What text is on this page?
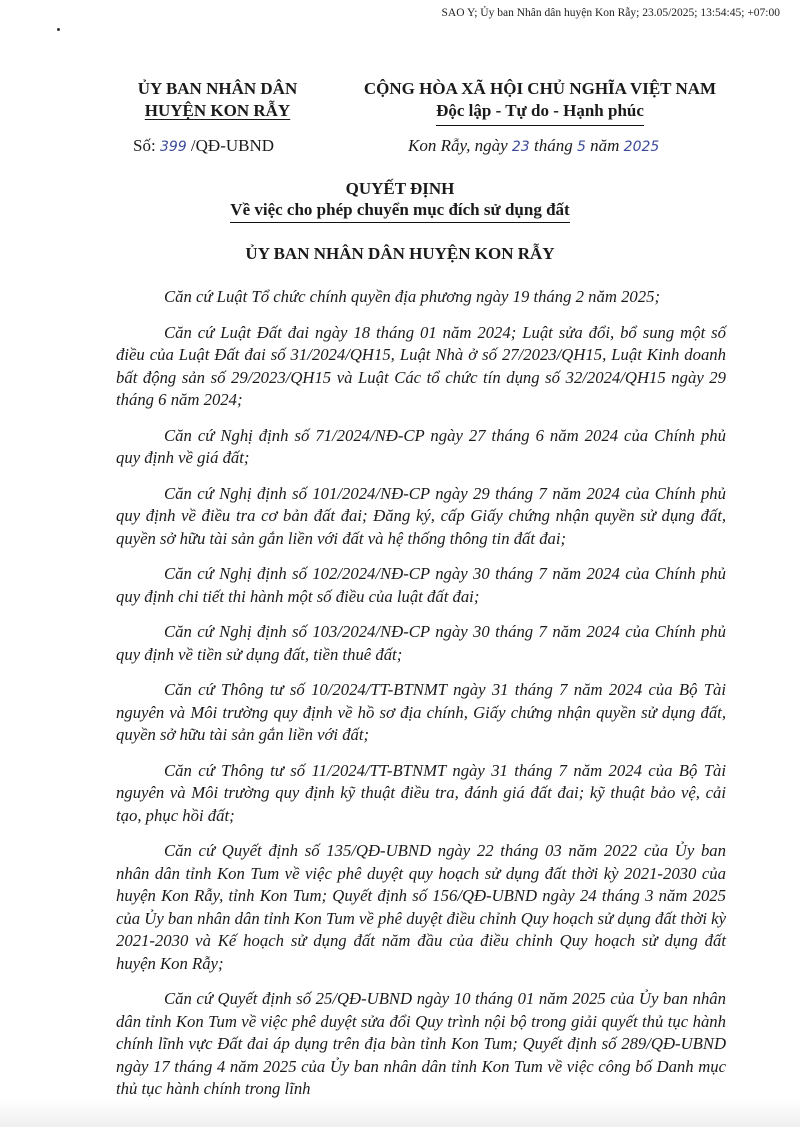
SAO Y; Ủy ban Nhân dân huyện Kon Rẫy; 23.05/2025; 13:54:45; +07:00
ỦY BAN NHÂN DÂN
HUYỆN KON RẪY
CỘNG HÒA XÃ HỘI CHỦ NGHĨA VIỆT NAM
Độc lập - Tự do - Hạnh phúc
Số: 399 /QĐ-UBND	Kon Rẫy, ngày 23 tháng 5 năm 2025
QUYẾT ĐỊNH
Về việc cho phép chuyển mục đích sử dụng đất
ỦY BAN NHÂN DÂN HUYỆN KON RẪY

Căn cứ Luật Tổ chức chính quyền địa phương ngày 19 tháng 2 năm 2025;

Căn cứ Luật Đất đai ngày 18 tháng 01 năm 2024; Luật sửa đổi, bổ sung một số điều của Luật Đất đai số 31/2024/QH15, Luật Nhà ở số 27/2023/QH15, Luật Kinh doanh bất động sản số 29/2023/QH15 và Luật Các tổ chức tín dụng số 32/2024/QH15 ngày 29 tháng 6 năm 2024;

Căn cứ Nghị định số 71/2024/NĐ-CP ngày 27 tháng 6 năm 2024 của Chính phủ quy định về giá đất;

Căn cứ Nghị định số 101/2024/NĐ-CP ngày 29 tháng 7 năm 2024 của Chính phủ quy định về điều tra cơ bản đất đai; Đăng ký, cấp Giấy chứng nhận quyền sử dụng đất, quyền sở hữu tài sản gắn liền với đất và hệ thống thông tin đất đai;

Căn cứ Nghị định số 102/2024/NĐ-CP ngày 30 tháng 7 năm 2024 của Chính phủ quy định chi tiết thi hành một số điều của luật đất đai;

Căn cứ Nghị định số 103/2024/NĐ-CP ngày 30 tháng 7 năm 2024 của Chính phủ quy định về tiền sử dụng đất, tiền thuê đất;

Căn cứ Thông tư số 10/2024/TT-BTNMT ngày 31 tháng 7 năm 2024 của Bộ Tài nguyên và Môi trường quy định về hồ sơ địa chính, Giấy chứng nhận quyền sử dụng đất, quyền sở hữu tài sản gắn liền với đất;

Căn cứ Thông tư số 11/2024/TT-BTNMT ngày 31 tháng 7 năm 2024 của Bộ Tài nguyên và Môi trường quy định kỹ thuật điều tra, đánh giá đất đai; kỹ thuật bảo vệ, cải tạo, phục hồi đất;

Căn cứ Quyết định số 135/QĐ-UBND ngày 22 tháng 03 năm 2022 của Ủy ban nhân dân tỉnh Kon Tum về việc phê duyệt quy hoạch sử dụng đất thời kỳ 2021-2030 của huyện Kon Rẫy, tỉnh Kon Tum; Quyết định số 156/QĐ-UBND ngày 24 tháng 3 năm 2025 của Ủy ban nhân dân tỉnh Kon Tum về phê duyệt điều chỉnh Quy hoạch sử dụng đất thời kỳ 2021-2030 và Kế hoạch sử dụng đất năm đầu của điều chỉnh Quy hoạch sử dụng đất huyện Kon Rẫy;

Căn cứ Quyết định số 25/QĐ-UBND ngày 10 tháng 01 năm 2025 của Ủy ban nhân dân tỉnh Kon Tum về việc phê duyệt sửa đổi Quy trình nội bộ trong giải quyết thủ tục hành chính lĩnh vực Đất đai áp dụng trên địa bàn tỉnh Kon Tum; Quyết định số 289/QĐ-UBND ngày 17 tháng 4 năm 2025 của Ủy ban nhân dân tỉnh Kon Tum về việc công bố Danh mục thủ tục hành chính trong lĩnh
